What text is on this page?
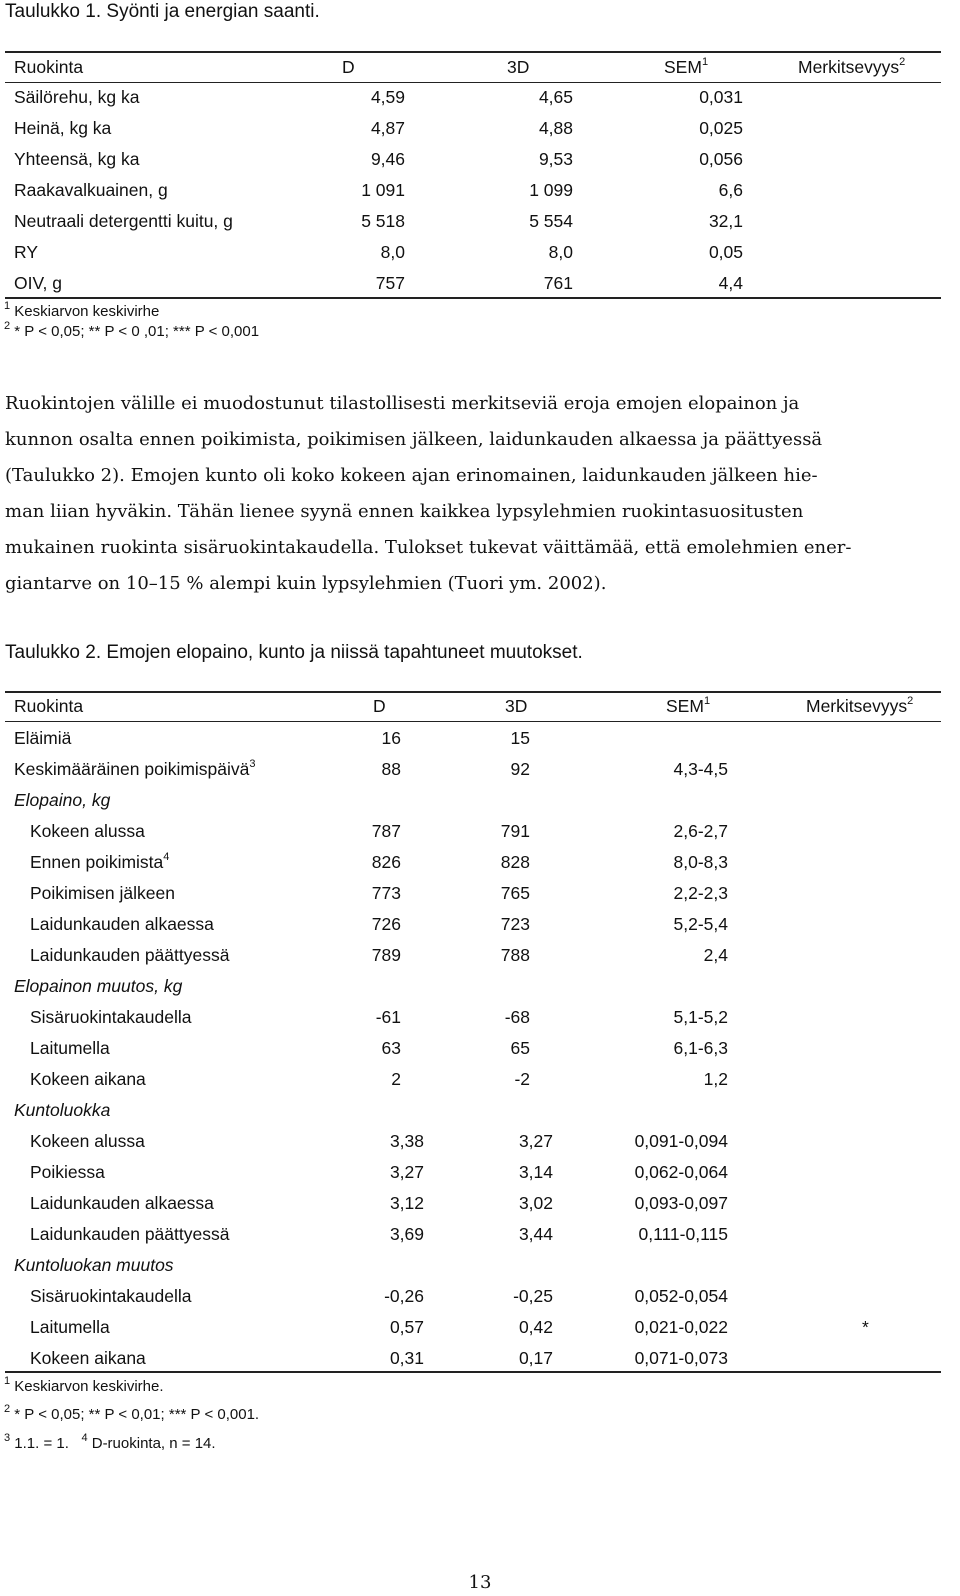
Taulukko 1. Syönti ja energian saanti.
Ruokinta	D	3D	SEM$^1$	Merkitsevyys$^2$
Säilörehu, kg ka	4,59	4,65	0,031
Heinä, kg ka	4,87	4,88	0,025
Yhteensä, kg ka	9,46	9,53	0,056
Raakavalkuainen, g	1 091	1 099	6,6
Neutraali detergentti kuitu, g	5 518	5 554	32,1
RY	8,0	8,0	0,05
OIV, g	757	761	4,4
$^1$ Keskiarvon keskivirhe
$^2$ * P < 0,05; ** P < 0 ,01; *** P < 0,001

Ruokintojen välille ei muodostunut tilastollisesti merkitseviä eroja emojen elopainon ja

kunnon osalta ennen poikimista, poikimisen jälkeen, laidunkauden alkaessa ja päättyessä

(Taulukko 2). Emojen kunto oli koko kokeen ajan erinomainen, laidunkauden jälkeen hie-

man liian hyväkin. Tähän lienee syynä ennen kaikkea lypsylehmien ruokintasuositusten

mukainen ruokinta sisäruokintakaudella. Tulokset tukevat väittämää, että emolehmien ener-

giantarve on 10–15 % alempi kuin lypsylehmien (Tuori ym. 2002).

Taulukko 2. Emojen elopaino, kunto ja niissä tapahtuneet muutokset.
Ruokinta	D	3D	SEM$^1$	Merkitsevyys$^2$
Eläimiä	16	15
Keskimääräinen poikimispäivä$^3$	88	92	4,3-4,5
Elopaino, kg
Kokeen alussa	787	791	2,6-2,7
Ennen poikimista$^4$	826	828	8,0-8,3
Poikimisen jälkeen	773	765	2,2-2,3
Laidunkauden alkaessa	726	723	5,2-5,4
Laidunkauden päättyessä	789	788	2,4
Elopainon muutos, kg
Sisäruokintakaudella	-61	-68	5,1-5,2
Laitumella	63	65	6,1-6,3
Kokeen aikana	2	-2	1,2
Kuntoluokka
Kokeen alussa	3,38	3,27	0,091-0,094
Poikiessa	3,27	3,14	0,062-0,064
Laidunkauden alkaessa	3,12	3,02	0,093-0,097
Laidunkauden päättyessä	3,69	3,44	0,111-0,115
Kuntoluokan muutos
Sisäruokintakaudella	-0,26	-0,25	0,052-0,054
Laitumella	0,57	0,42	0,021-0,022	*
Kokeen aikana	0,31	0,17	0,071-0,073
$^1$ Keskiarvon keskivirhe.
$^2$ * P < 0,05; ** P < 0,01; *** P < 0,001.
$^3$ 1.1. = 1. $^4$ D-ruokinta, n = 14.
13
